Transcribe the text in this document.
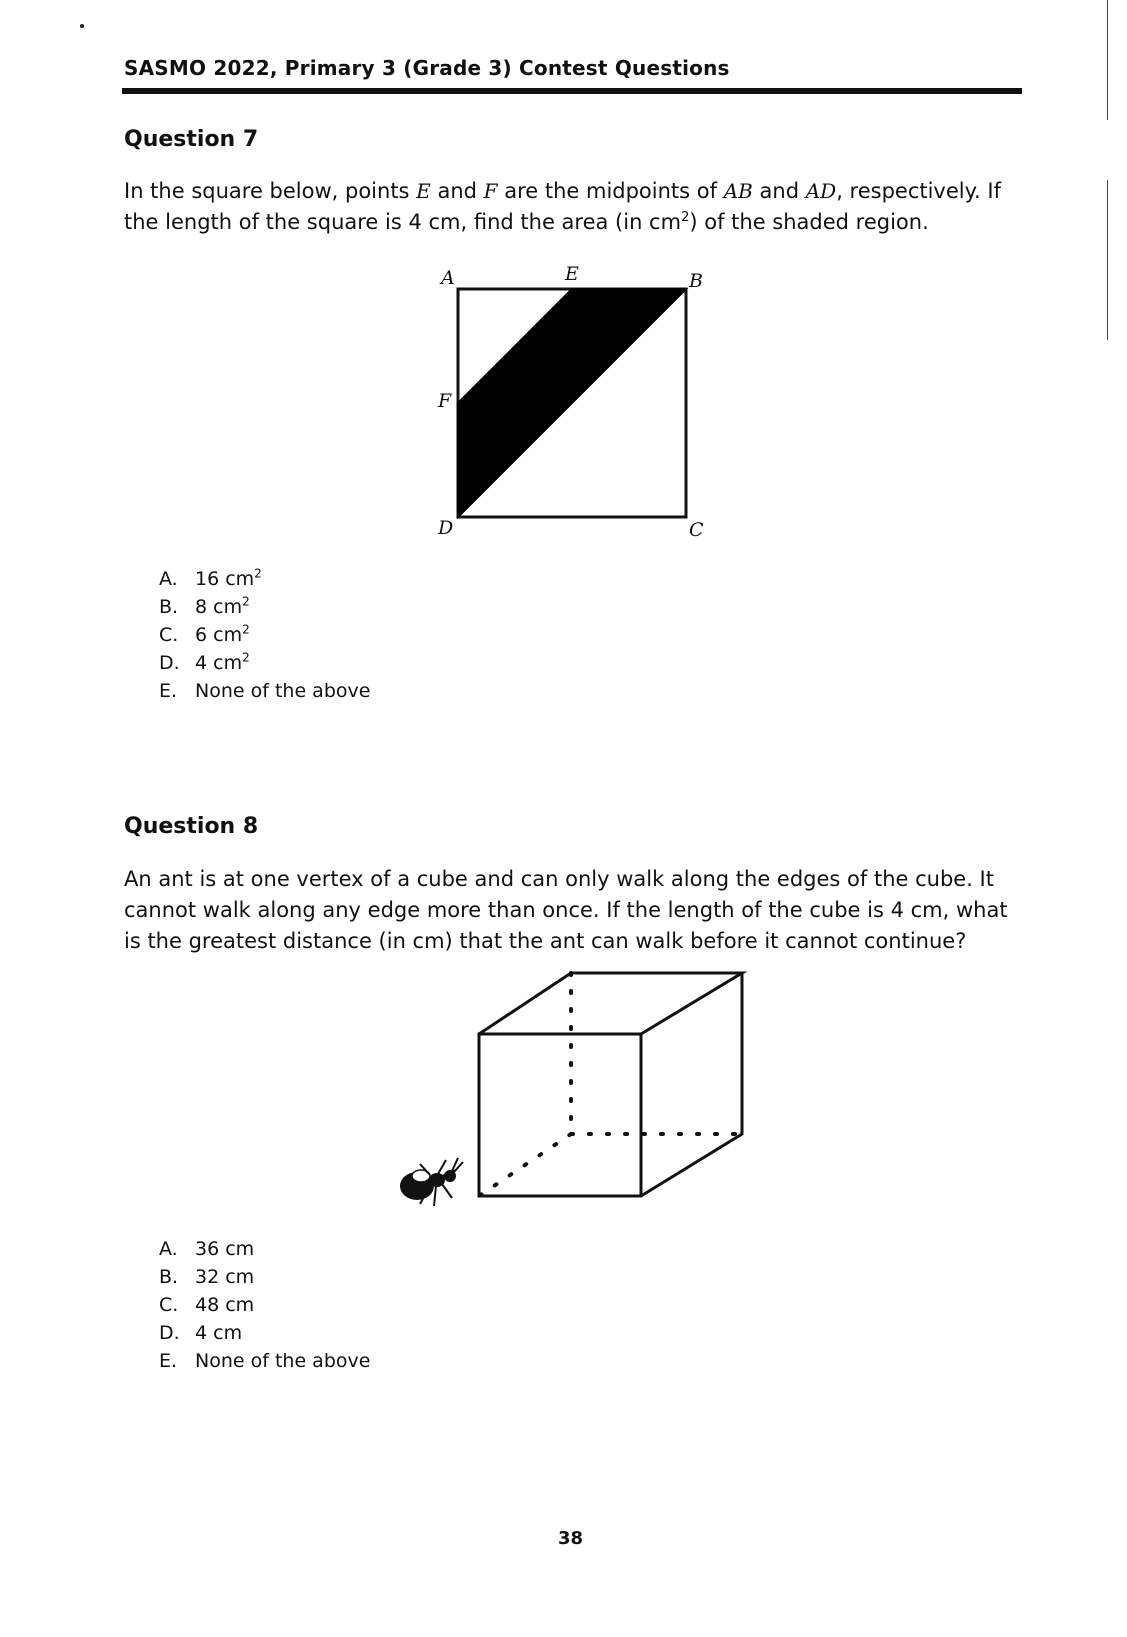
SASMO 2022, Primary 3 (Grade 3) Contest Questions
Question 7
In the square below, points E and F are the midpoints of AB and AD, respectively. If the length of the square is 4 cm, find the area (in $cm^2$) of the shaded region.
A	E	B
F
D	C
A. 16 $cm^2$
B. 8 $cm^2$
C. 6 $cm^2$
D. 4 $cm^2$
E. None of the above
Question 8
An ant is at one vertex of a cube and can only walk along the edges of the cube. It cannot walk along any edge more than once. If the length of the cube is 4 cm, what is the greatest distance (in cm) that the ant can walk before it cannot continue?
A. 36 cm
B. 32 cm
C. 48 cm
D. 4 cm
E. None of the above
38
